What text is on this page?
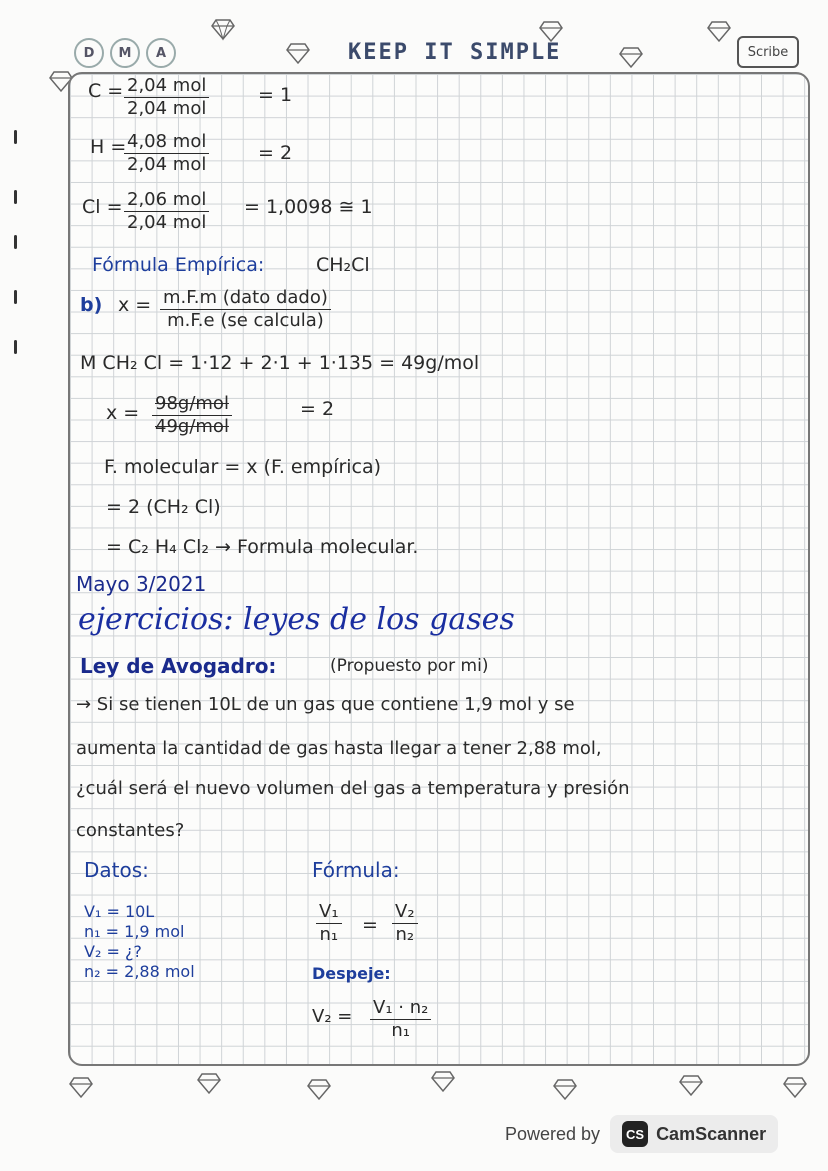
D	M	A	KEEP IT SIMPLE	Scribe
C = 2,04 mol
2,04 mol
= 1
H = 4,08 mol
2,04 mol
= 2
Cl = 2,06 mol
2,04 mol
= 1,0098 ≅ 1
Fórmula Empírica:	CH₂Cl
b) x = m.F.m (dato dado)
m.F.e (se calcula)
M CH₂ Cl = 1·12 + 2·1 + 1·135 = 49g/mol
x = 98g/mol
49g/mol
= 2
F. molecular = x (F. empírica)
= 2 (CH₂ Cl)
= C₂ H₄ Cl₂ → Formula molecular.
Mayo 3/2021
ejercicios: leyes de los gases
Ley de Avogadro:	(Propuesto por mi)
→ Si se tienen 10L de un gas que contiene 1,9 mol y se
aumenta la cantidad de gas hasta llegar a tener 2,88 mol,
¿cuál será el nuevo volumen del gas a temperatura y presión
constantes?
Datos:
V₁ = 10L
n₁ = 1,9 mol
V₂ = ¿?
n₂ = 2,88 mol
Fórmula:
$\frac{\text{V₁}}{\text{n₁}} = \frac{\text{V₂}}{\text{n₂}}$
Despeje:
$V_2 = \frac{\text{V₁ · n₂}}{\text{n₁}}$
Powered by	CS CamScanner
